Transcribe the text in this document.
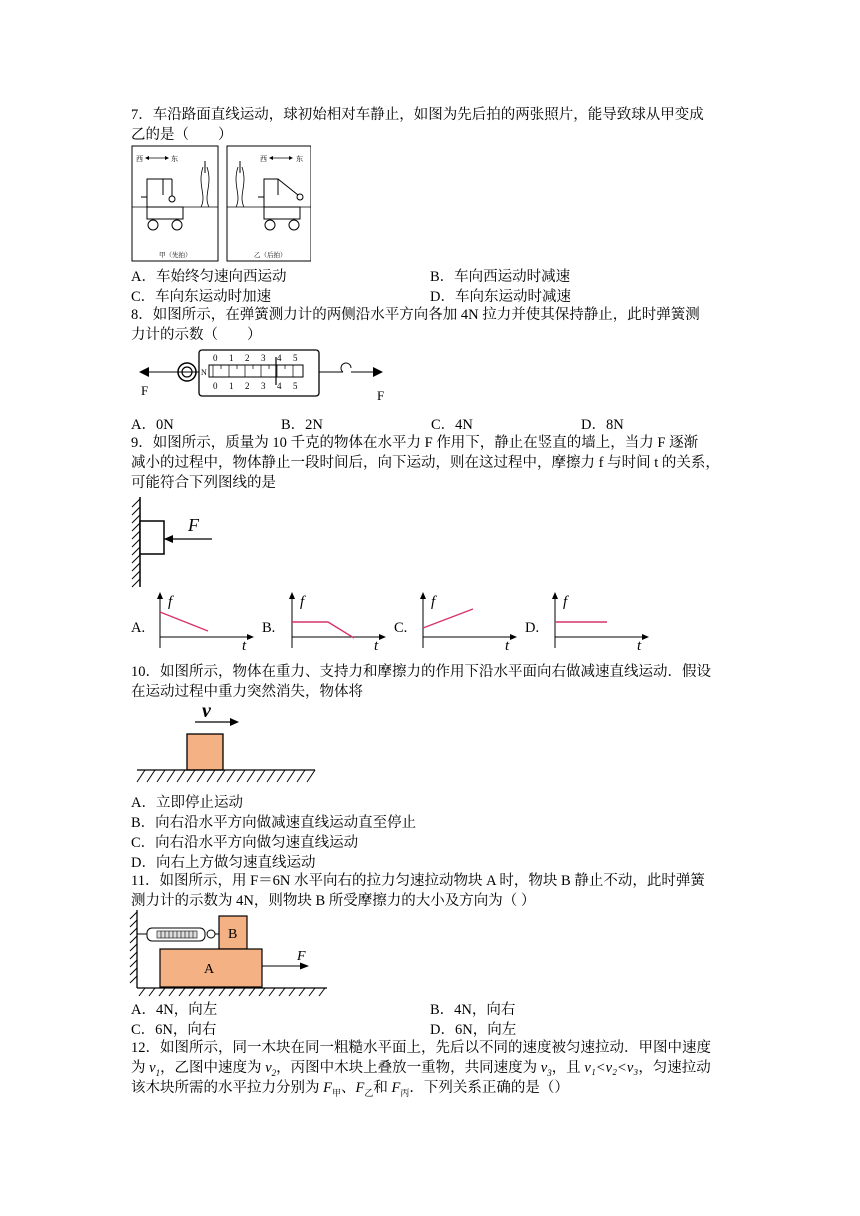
7．车沿路面直线运动，球初始相对车静止，如图为先后拍的两张照片，能导致球从甲变成
乙的是（　　）
西	东
甲（先拍）
西	东
乙（后拍）
A．车始终匀速向西运动	B．车向西运动时减速
C．车向东运动时加速	D．车向东运动时减速
8．如图所示，在弹簧测力计的两侧沿水平方向各加 4N 拉力并使其保持静止，此时弹簧测
力计的示数（　　）
0 1 2 3 4 5
0 1 2 3 4 5
N
F	F
A．0N	B．2N	C．4N	D．8N
9．如图所示，质量为 10 千克的物体在水平力 F 作用下，静止在竖直的墙上，当力 F 逐渐
减小的过程中，物体静止一段时间后，向下运动，则在这过程中，摩擦力 f 与时间 t 的关系，
可能符合下列图线的是
F
A.
f
t
B.
f
t
C.
f
t
D.
f
t
10．如图所示，物体在重力、支持力和摩擦力的作用下沿水平面向右做减速直线运动．假设
在运动过程中重力突然消失，物体将
v
A．立即停止运动
B．向右沿水平方向做减速直线运动直至停止
C．向右沿水平方向做匀速直线运动
D．向右上方做匀速直线运动
11．如图所示，用 F＝6N 水平向右的拉力匀速拉动物块 A 时，物块 B 静止不动，此时弹簧
测力计的示数为 4N，则物块 B 所受摩擦力的大小及方向为（ ）
B
A
F
A．4N，向左	B．4N，向右
C．6N，向右	D．6N，向左
12．如图所示，同一木块在同一粗糙水平面上，先后以不同的速度被匀速拉动．甲图中速度
为 $v_1$，乙图中速度为 $v_2$，丙图中木块上叠放一重物，共同速度为 $v_3$，且 v₁<v₂<v₃，匀速拉动
该木块所需的水平拉力分别为 $F_甲$、$F_乙$和 $F_丙$．下列关系正确的是（）
